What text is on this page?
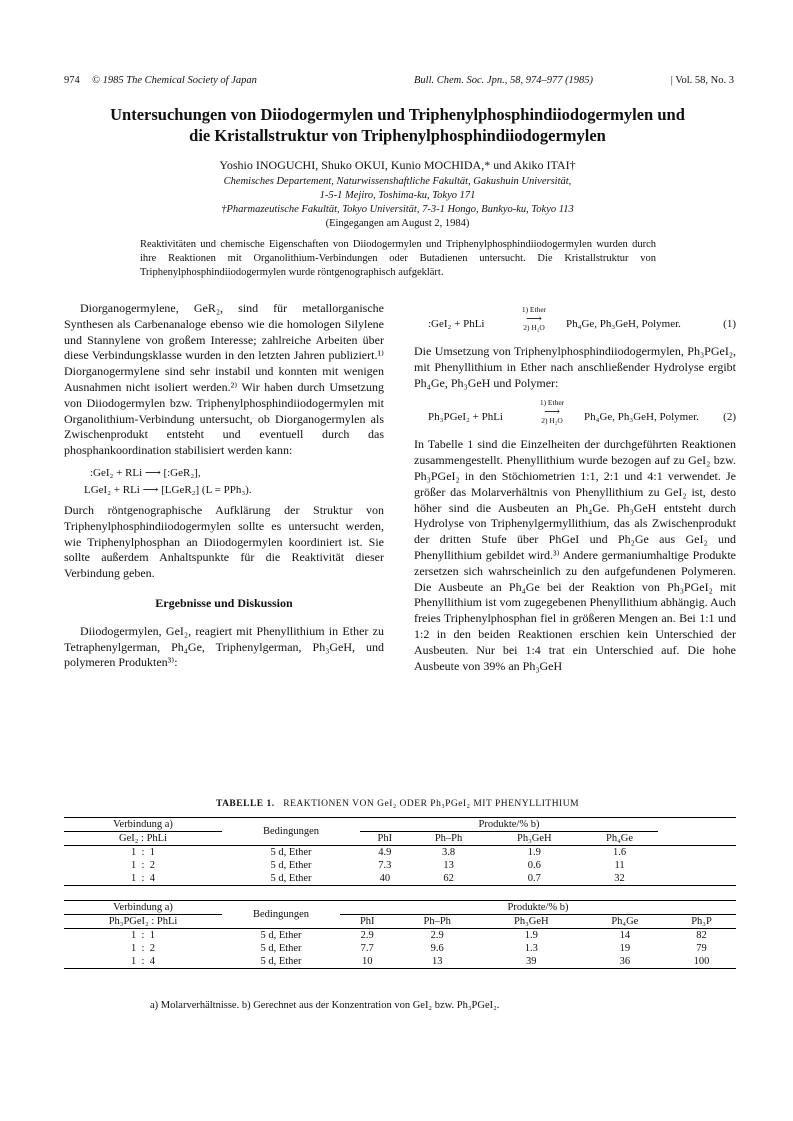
974 © 1985 The Chemical Society of Japan	Bull. Chem. Soc. Jpn., 58, 974–977 (1985)	| Vol. 58, No. 3
Untersuchungen von Diiodogermylen und Triphenylphosphindiiodogermylen und
die Kristallstruktur von Triphenylphosphindiiodogermylen
Yoshio INOGUCHI, Shuko OKUI, Kunio MOCHIDA,* und Akiko ITAI†
Chemisches Departement, Naturwissenshaftliche Fakultät, Gakushuin Universität,
1-5-1 Mejiro, Toshima-ku, Tokyo 171
†Pharmazeutische Fakultät, Tokyo Universität, 7-3-1 Hongo, Bunkyo-ku, Tokyo 113
(Eingegangen am August 2, 1984)
Reaktivitäten und chemische Eigenschaften von Diiodogermylen und Triphenylphosphindiiodogermylen wurden durch ihre Reaktionen mit Organolithium-Verbindungen oder Butadienen untersucht. Die Kristallstruktur von Triphenylphosphindiiodogermylen wurde röntgenographisch aufgeklärt.

Diorganogermylene, GeR₂, sind für metallorganische Synthesen als Carbenanaloge ebenso wie die homologen Silylene und Stannylene von großem Interesse; zahlreiche Arbeiten über diese Verbindungsklasse wurden in den letzten Jahren publiziert.¹⁾ Diorganogermylene sind sehr instabil und konnten mit wenigen Ausnahmen nicht isoliert werden.²⁾ Wir haben durch Umsetzung von Diiodogermylen bzw. Triphenylphosphindiiodogermylen mit Organolithium-Verbindung untersucht, ob Diorganogermylen als Zwischenprodukt entsteht und eventuell durch das phosphankoordination stabilisiert werden kann:

:GeI₂ + RLi ⟶ [:GeR₂],
LGeI₂ + RLi ⟶ [LGeR₂] (L = PPh₃).

Durch röntgenographische Aufklärung der Struktur von Triphenylphosphindiiodogermylen sollte es untersucht werden, wie Triphenylphosphan an Diiodogermylen koordiniert ist. Sie sollte außerdem Anhaltspunkte für die Reaktivität dieser Verbindung geben.

Ergebnisse und Diskussion

Diiodogermylen, GeI₂, reagiert mit Phenyllithium in Ether zu Tetraphenylgerman, Ph₄Ge, Triphenylgerman, Ph₃GeH, und polymeren Produkten³⁾:

:GeI₂ + PhLi
1) Ether
⟶
2) H₂O	Ph₄Ge, Ph₃GeH, Polymer.	(1)

Die Umsetzung von Triphenylphosphindiiodogermylen, Ph₃PGeI₂, mit Phenyllithium in Ether nach anschließender Hydrolyse ergibt Ph₄Ge, Ph₃GeH und Polymer:

Ph₃PGeI₂ + PhLi
1) Ether
⟶
2) H₂O	Ph₄Ge, Ph₃GeH, Polymer. (2)

In Tabelle 1 sind die Einzelheiten der durchgeführten Reaktionen zusammengestellt. Phenyllithium wurde bezogen auf zu GeI₂ bzw. Ph₃PGeI₂ in den Stöchiometrien 1:1, 2:1 und 4:1 verwendet. Je größer das Molarverhältnis von Phenyllithium zu GeI₂ ist, desto höher sind die Ausbeuten an Ph₄Ge. Ph₃GeH entsteht durch Hydrolyse von Triphenylgermyllithium, das als Zwischenprodukt der dritten Stufe über PhGeI und Ph₂Ge aus GeI₂ und Phenyllithium gebildet wird.³⁾ Andere germaniumhaltige Produkte zersetzen sich wahrscheinlich zu den aufgefundenen Polymeren. Die Ausbeute an Ph₄Ge bei der Reaktion von Ph₃PGeI₂ mit Phenyllithium ist vom zugegebenen Phenyllithium abhängig. Auch freies Triphenylphosphan fiel in größeren Mengen an. Bei 1:1 und 1:2 in den beiden Reaktionen erschien kein Unterschied der Ausbeuten. Nur bei 1:4 trat ein Unterschied auf. Die hohe Ausbeute von 39% an Ph₃GeH

TABELLE 1. REAKTIONEN VON GeI₂ ODER Ph₃PGeI₂ MIT PHENYLLITHIUM
Verbindung a)	Bedingungen	Produkte/% b)				
GeI₂ : PhLi		PhI	Ph–Ph	Ph₃GeH	Ph₄Ge	
1  :  1	5 d, Ether	4.9	3.8	1.9	1.6	
1  :  2	5 d, Ether	7.3	13	0.6	11	
1  :  4	5 d, Ether	40	62	0.7	32	
Verbindung a)	Bedingungen	Produkte/% b)				
Ph₃PGeI₂ : PhLi		PhI	Ph–Ph	Ph₃GeH	Ph₄Ge	Ph₃P
1  :  1	5 d, Ether	2.9	2.9	1.9	14	82
1  :  2	5 d, Ether	7.7	9.6	1.3	19	79
1  :  4	5 d, Ether	10	13	39	36	100
a) Molarverhältnisse. b) Gerechnet aus der Konzentration von GeI₂ bzw. Ph₃PGeI₂.
